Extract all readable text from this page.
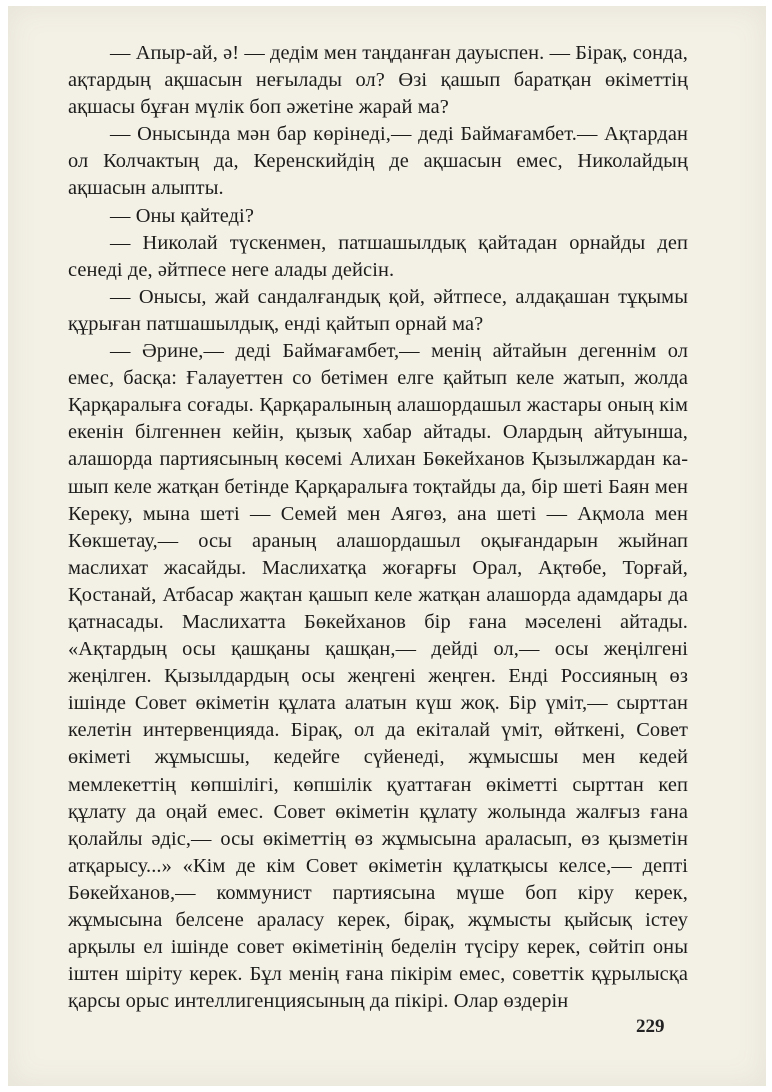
— Апыр-ай, ә! — дедім мен таңданған дауыспен. — Бірақ, сонда, ақтардың ақшасын неғылады ол? Өзі қашып баратқан өкіметтің ақшасы бұған мүлік боп әжетіне жарай ма?

— Онысында мән бар көрінеді,— деді Баймағамбет.— Ақтардан ол Колчактың да, Керенскийдің де ақшасын емес, Николайдың ақшасын алыпты.

— Оны қайтеді?

— Николай түскенмен, патшашылдық қайтадан орнайды деп сенеді де, әйтпесе неге алады дейсін.

— Онысы, жай сандалғандық қой, әйтпесе, алдақашан тұқымы құрыған патшашылдық, енді қайтып орнай ма?

— Әрине,— деді Баймағамбет,— менің айтайын дегеннім ол емес, басқа: Ғалауеттен со бетімен елге қайтып келе жатып, жолда Қарқаралыға соғады. Қарқаралының алашордашыл жастары оның кім екенін білгеннен кейін, қызық хабар айтады. Олардың айтуынша, алашорда партиясының көсемі Алихан Бөкейханов Қызылжардан кашып келе жатқан бетінде Қарқаралыға тоқтайды да, бір шеті Баян мен Кереку, мына шеті — Семей мен Аягөз, ана шеті — Ақмола мен Көкшетау,— осы араның алашордашыл оқығандарын жыйнап маслихат жасайды. Маслихатқа жоғарғы Орал, Ақтөбе, Торғай, Қостанай, Атбасар жақтан қашып келе жатқан алашорда адамдары да қатнасады. Маслихатта Бөкейханов бір ғана мәселені айтады. «Ақтардың осы қашқаны қашқан,— дейді ол,— осы жеңілгені жеңілген. Қызылдардың осы жеңгені жеңген. Енді Россияның өз ішінде Совет өкіметін құлата алатын күш жоқ. Бір үміт,— сырттан келетін интервенцияда. Бірақ, ол да екіталай үміт, өйткені, Совет өкіметі жұмысшы, кедейге сүйенеді, жұмысшы мен кедей мемлекеттің көпшілігі, көпшілік қуаттаған өкіметті сырттан кеп құлату да оңай емес. Совет өкіметін құлату жолында жалғыз ғана қолайлы әдіс,— осы өкіметтің өз жұмысына араласып, өз қызметін атқарысу...» «Кім де кім Совет өкіметін құлатқысы келсе,— депті Бөкейханов,— коммунист партиясына мүше боп кіру керек, жұмысына белсене араласу керек, бірақ, жұмысты қыйсық істеу арқылы ел ішінде совет өкіметінің беделін түсіру керек, сөйтіп оны іштен шіріту керек. Бұл менің ғана пікірім емес, советтік құрылысқа қарсы орыс интеллигенциясының да пікірі. Олар өздерін

229
